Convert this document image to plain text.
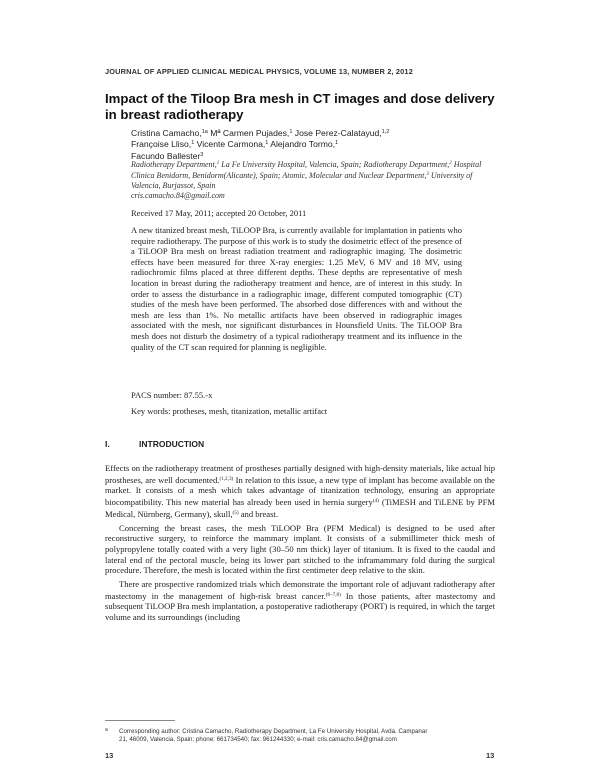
JOURNAL OF APPLIED CLINICAL MEDICAL PHYSICS, VOLUME 13, NUMBER 2, 2012
Impact of the Tiloop Bra mesh in CT images and dose delivery in breast radiotherapy
Cristina Camacho,$^{1a}$ Mª Carmen Pujades,$^1$ Jose Perez-Calatayud,$^{1,2}$
Françoise Lliso,$^1$ Vicente Carmona,$^1$ Alejandro Tormo,$^1$
Facundo Ballester$^3$
Radiotherapy Department,$^1$ La Fe University Hospital, Valencia, Spain; Radiotherapy Department,$^2$ Hospital Clinica Benidorm, Benidorm(Alicante), Spain; Atomic, Molecular and Nuclear Department,$^3$ University of Valencia, Burjassot, Spain
cris.camacho.84@gmail.com
Received 17 May, 2011; accepted 20 October, 2011
A new titanized breast mesh, TiLOOP Bra, is currently available for implantation in patients who require radiotherapy. The purpose of this work is to study the dosimetric effect of the presence of a TiLOOP Bra mesh on breast radiation treatment and radiographic imaging. The dosimetric effects have been measured for three X-ray energies: 1.25 MeV, 6 MV and 18 MV, using radiochromic films placed at three different depths. These depths are representative of mesh location in breast during the radiotherapy treatment and hence, are of interest in this study. In order to assess the disturbance in a radiographic image, different computed tomographic (CT) studies of the mesh have been performed. The absorbed dose differences with and without the mesh are less than 1%. No metallic artifacts have been observed in radiographic images associated with the mesh, nor significant disturbances in Hounsfield Units. The TiLOOP Bra mesh does not disturb the dosimetry of a typical radiotherapy treatment and its influence in the quality of the CT scan required for planning is negligible.
PACS number: 87.55.-x
Key words: protheses, mesh, titanization, metallic artifact
I.	INTRODUCTION

Effects on the radiotherapy treatment of prostheses partially designed with high-density materials, like actual hip prostheses, are well documented.$^{(1,2,3)}$ In relation to this issue, a new type of implant has become available on the market. It consists of a mesh which takes advantage of titanization technology, ensuring an appropriate biocompatibility. This new material has already been used in hernia surgery$^{(4)}$ (TiMESH and TiLENE by PFM Medical, Nürnberg, Germany), skull,$^{(5)}$ and breast.

Concerning the breast cases, the mesh TiLOOP Bra (PFM Medical) is designed to be used after reconstructive surgery, to reinforce the mammary implant. It consists of a submillimeter thick mesh of polypropylene totally coated with a very light (30–50 nm thick) layer of titanium. It is fixed to the caudal and lateral end of the pectoral muscle, being its lower part stitched to the inframammary fold during the surgical procedure. Therefore, the mesh is located within the first centimeter deep relative to the skin.

There are prospective randomized trials which demonstrate the important role of adjuvant radiotherapy after mastectomy in the management of high-risk breast cancer.$^{(6-7,8)}$ In those patients, after mastectomy and subsequent TiLOOP Bra mesh implantation, a postoperative radiotherapy (PORT) is required, in which the target volume and its surroundings (including

a Corresponding author: Cristina Camacho, Radiotherapy Department, La Fe University Hospital, Avda. Campanar
21, 46009, Valencia, Spain; phone: 661734540; fax: 961244330; e-mail: cris.camacho.84@gmail.com
13	13
